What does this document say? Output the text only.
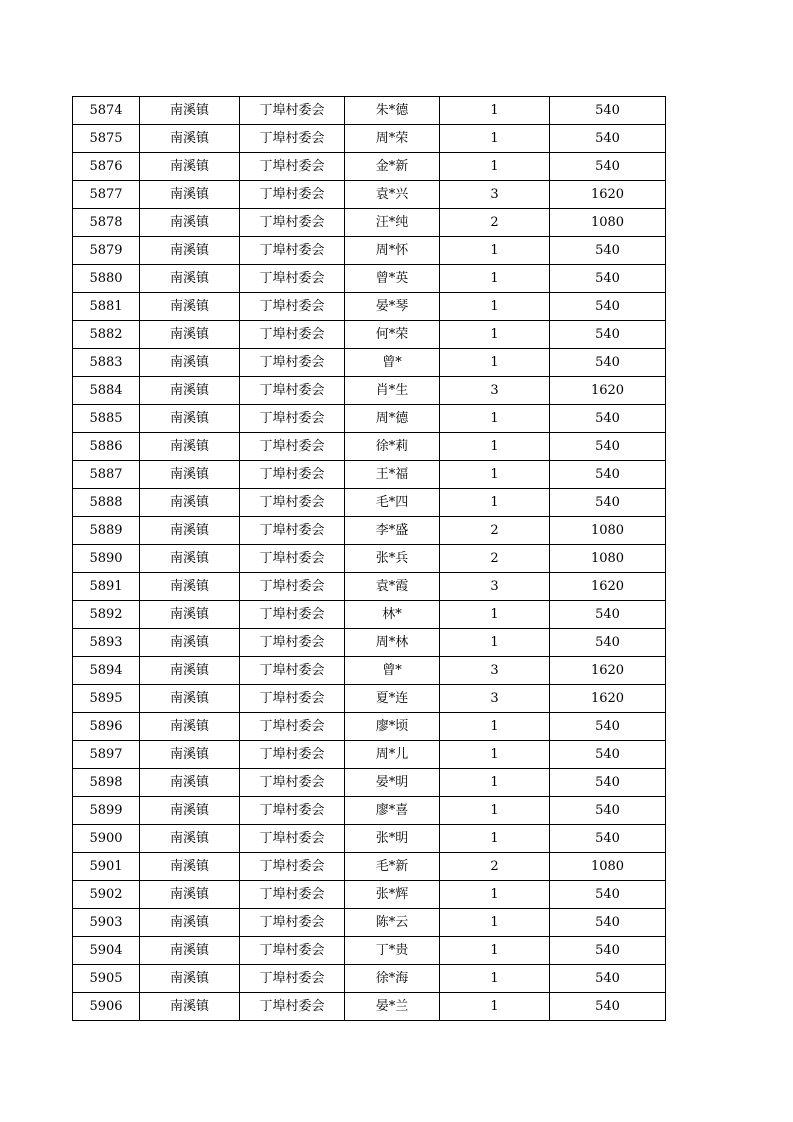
5874	南溪镇	丁埠村委会	朱*德	1	540
5875	南溪镇	丁埠村委会	周*荣	1	540
5876	南溪镇	丁埠村委会	金*新	1	540
5877	南溪镇	丁埠村委会	袁*兴	3	1620
5878	南溪镇	丁埠村委会	汪*纯	2	1080
5879	南溪镇	丁埠村委会	周*怀	1	540
5880	南溪镇	丁埠村委会	曾*英	1	540
5881	南溪镇	丁埠村委会	晏*琴	1	540
5882	南溪镇	丁埠村委会	何*荣	1	540
5883	南溪镇	丁埠村委会	曾*	1	540
5884	南溪镇	丁埠村委会	肖*生	3	1620
5885	南溪镇	丁埠村委会	周*德	1	540
5886	南溪镇	丁埠村委会	徐*莉	1	540
5887	南溪镇	丁埠村委会	王*福	1	540
5888	南溪镇	丁埠村委会	毛*四	1	540
5889	南溪镇	丁埠村委会	李*盛	2	1080
5890	南溪镇	丁埠村委会	张*兵	2	1080
5891	南溪镇	丁埠村委会	袁*霞	3	1620
5892	南溪镇	丁埠村委会	林*	1	540
5893	南溪镇	丁埠村委会	周*林	1	540
5894	南溪镇	丁埠村委会	曾*	3	1620
5895	南溪镇	丁埠村委会	夏*连	3	1620
5896	南溪镇	丁埠村委会	廖*顷	1	540
5897	南溪镇	丁埠村委会	周*儿	1	540
5898	南溪镇	丁埠村委会	晏*明	1	540
5899	南溪镇	丁埠村委会	廖*喜	1	540
5900	南溪镇	丁埠村委会	张*明	1	540
5901	南溪镇	丁埠村委会	毛*新	2	1080
5902	南溪镇	丁埠村委会	张*辉	1	540
5903	南溪镇	丁埠村委会	陈*云	1	540
5904	南溪镇	丁埠村委会	丁*贵	1	540
5905	南溪镇	丁埠村委会	徐*海	1	540
5906	南溪镇	丁埠村委会	晏*兰	1	540
